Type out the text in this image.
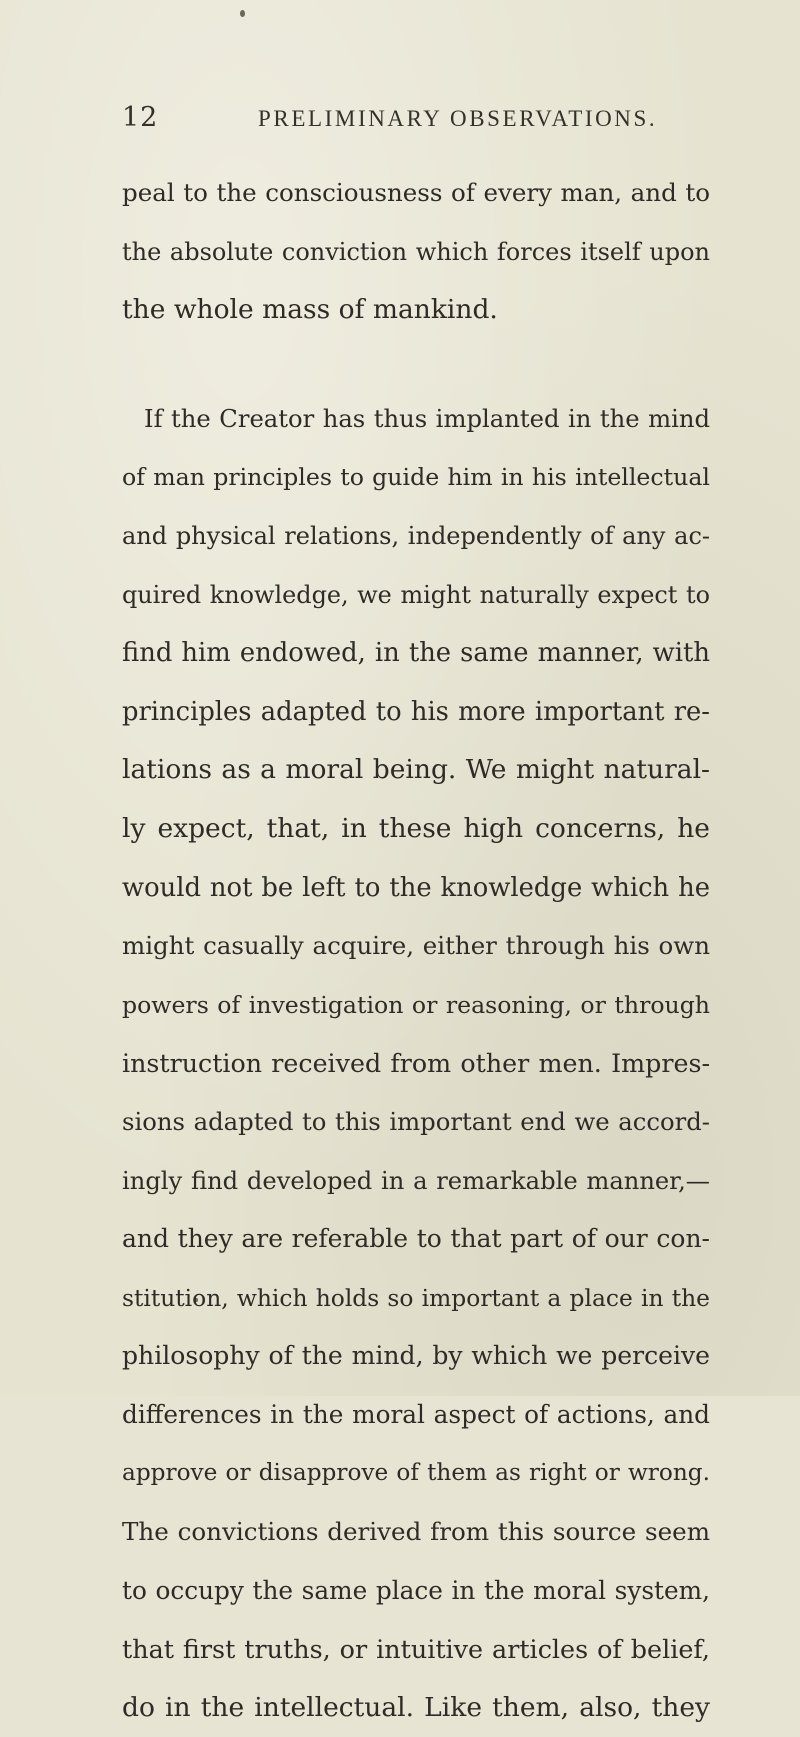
12	PRELIMINARY OBSERVATIONS.
peal to the consciousness of every man, and to
the absolute conviction which forces itself upon
the whole mass of mankind.
If the Creator has thus implanted in the mind
of man principles to guide him in his intellectual
and physical relations, independently of any ac-
quired knowledge, we might naturally expect to
find him endowed, in the same manner, with
principles adapted to his more important re-
lations as a moral being. We might natural-
ly expect, that, in these high concerns, he
would not be left to the knowledge which he
might casually acquire, either through his own
powers of investigation or reasoning, or through
instruction received from other men. Impres-
sions adapted to this important end we accord-
ingly find developed in a remarkable manner,—
and they are referable to that part of our con-
stitution, which holds so important a place in the
philosophy of the mind, by which we perceive
differences in the moral aspect of actions, and
approve or disapprove of them as right or wrong.
The convictions derived from this source seem
to occupy the same place in the moral system,
that first truths, or intuitive articles of belief,
do in the intellectual. Like them, also, they
